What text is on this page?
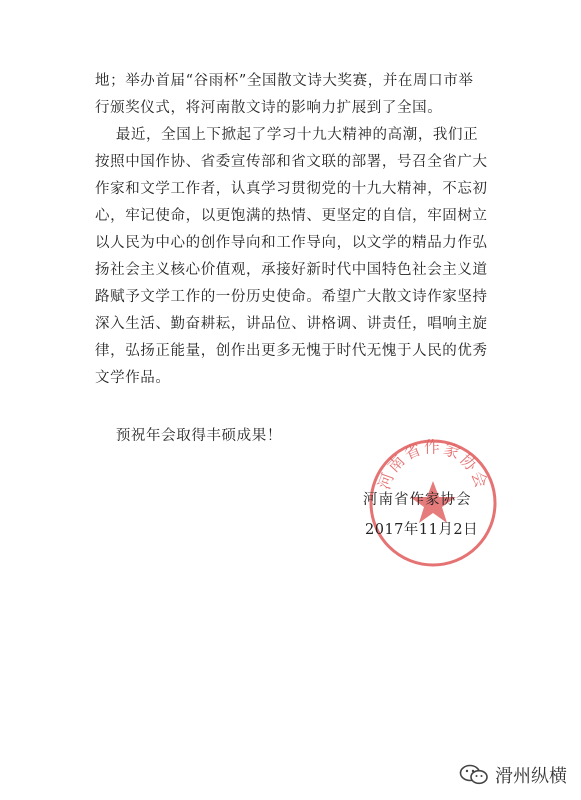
地；举办首届“谷雨杯”全国散文诗大奖赛，并在周口市举
行颁奖仪式，将河南散文诗的影响力扩展到了全国。

最近，全国上下掀起了学习十九大精神的高潮，我们正
按照中国作协、省委宣传部和省文联的部署，号召全省广大
作家和文学工作者，认真学习贯彻党的十九大精神，不忘初
心，牢记使命，以更饱满的热情、更坚定的自信，牢固树立
以人民为中心的创作导向和工作导向，以文学的精品力作弘
扬社会主义核心价值观，承接好新时代中国特色社会主义道
路赋予文学工作的一份历史使命。希望广大散文诗作家坚持
深入生活、勤奋耕耘，讲品位、讲格调、讲责任，唱响主旋
律，弘扬正能量，创作出更多无愧于时代无愧于人民的优秀
文学作品。

预祝年会取得丰硕成果！

河南省作家协会
河南省作家协会
2017年11月2日
滑州纵横
